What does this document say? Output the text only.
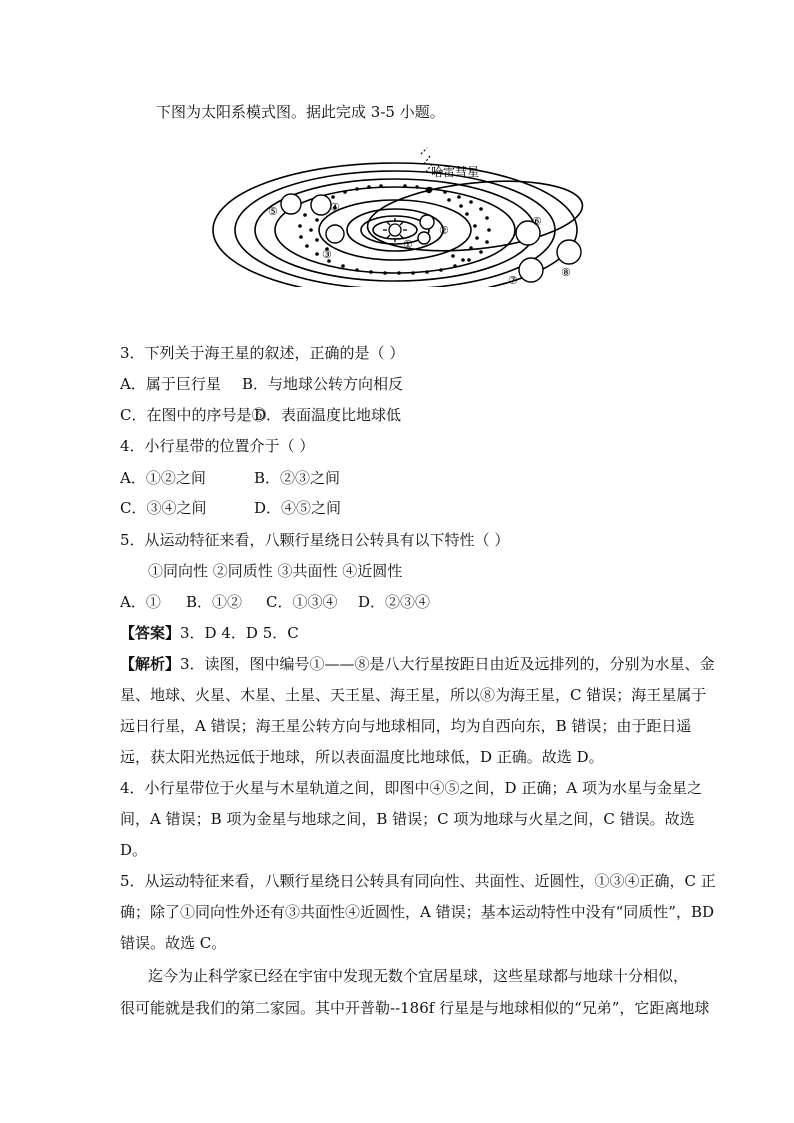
下图为太阳系模式图。据此完成 3-5 小题。
哈雷彗星
①
②
③
④
⑤
⑥
⑦
⑧
3．下列关于海王星的叙述，正确的是（ ）
A．属于巨行星 B．与地球公转方向相反
C．在图中的序号是⑥
D．表面温度比地球低
4．小行星带的位置介于（ ）
A．①②之间	B．②③之间
C．③④之间	D．④⑤之间
5．从运动特征来看，八颗行星绕日公转具有以下特性（ ）
①同向性 ②同质性 ③共面性 ④近圆性
A．① B．①② C．①③④ D．②③④
【答案】3．D 4．D 5．C
【解析】3．读图，图中编号①——⑧是八大行星按距日由近及远排列的，分别为水星、金
星、地球、火星、木星、土星、天王星、海王星，所以⑧为海王星，C 错误；海王星属于
远日行星，A 错误；海王星公转方向与地球相同，均为自西向东，B 错误；由于距日遥
远，获太阳光热远低于地球，所以表面温度比地球低，D 正确。故选 D。
4．小行星带位于火星与木星轨道之间，即图中④⑤之间，D 正确；A 项为水星与金星之
间，A 错误；B 项为金星与地球之间，B 错误；C 项为地球与火星之间，C 错误。故选
D。
5．从运动特征来看，八颗行星绕日公转具有同向性、共面性、近圆性，①③④正确，C 正
确；除了①同向性外还有③共面性④近圆性，A 错误；基本运动特性中没有“同质性”，BD
错误。故选 C。
迄今为止科学家已经在宇宙中发现无数个宜居星球，这些星球都与地球十分相似，
很可能就是我们的第二家园。其中开普勒--186f 行星是与地球相似的“兄弟”，它距离地球
